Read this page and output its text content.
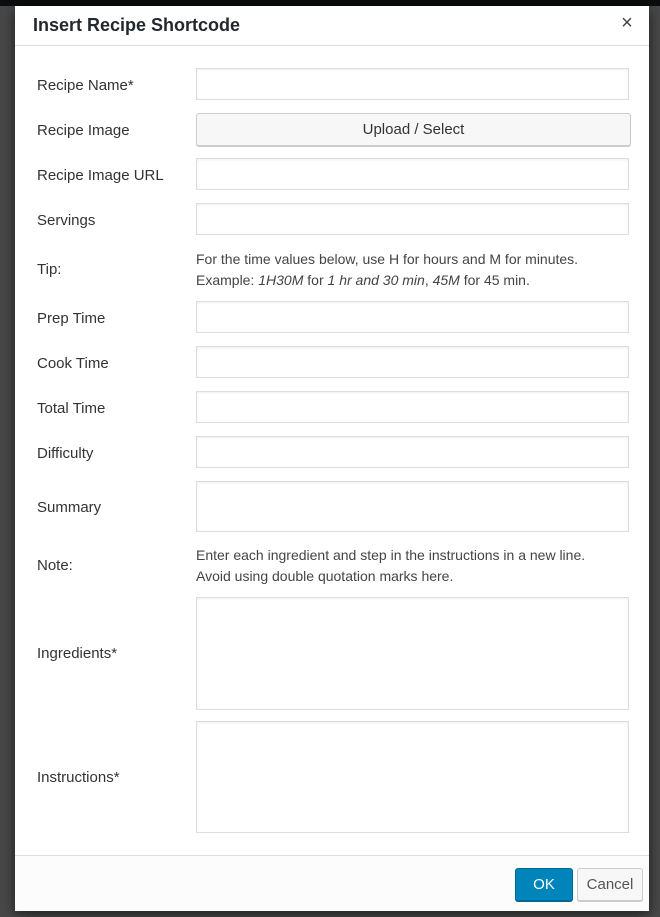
Insert Recipe Shortcode	×
Recipe Name*
Recipe Image	Upload / Select
Recipe Image URL
Servings
Tip:
For the time values below, use H for hours and M for minutes.
Example: 1H30M for 1 hr and 30 min, 45M for 45 min.
Prep Time
Cook Time
Total Time
Difficulty
Summary
Note:
Enter each ingredient and step in the instructions in a new line.
Avoid using double quotation marks here.
Ingredients*
Instructions*
OK	Cancel
